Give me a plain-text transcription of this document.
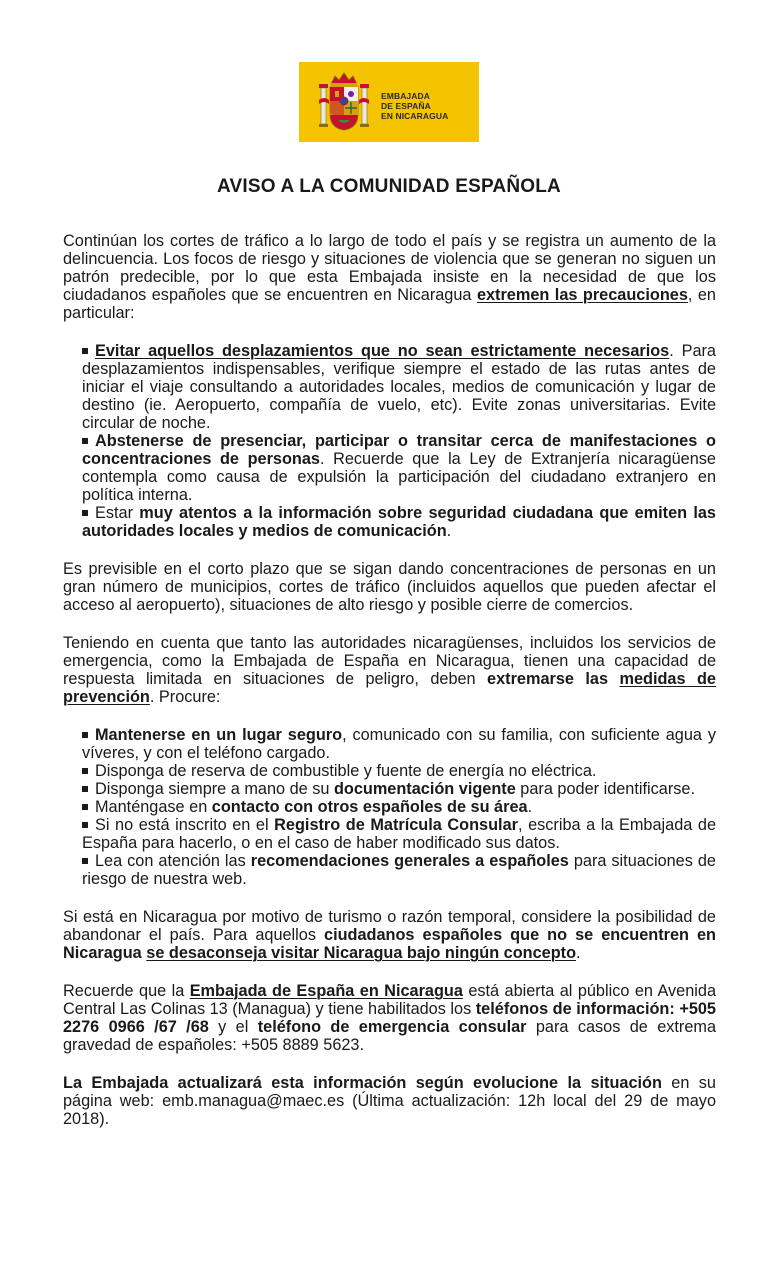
EMBAJADA
DE ESPAÑA
EN NICARAGUA
AVISO A LA COMUNIDAD ESPAÑOLA

Continúan los cortes de tráfico a lo largo de todo el país y se registra un aumento de la delincuencia. Los focos de riesgo y situaciones de violencia que se generan no siguen un patrón predecible, por lo que esta Embajada insiste en la necesidad de que los ciudadanos españoles que se encuentren en Nicaragua extremen las precauciones, en particular:

Evitar aquellos desplazamientos que no sean estrictamente necesarios. Para desplazamientos indispensables, verifique siempre el estado de las rutas antes de iniciar el viaje consultando a autoridades locales, medios de comunicación y lugar de destino (ie. Aeropuerto, compañía de vuelo, etc). Evite zonas universitarias. Evite circular de noche.
Abstenerse de presenciar, participar o transitar cerca de manifestaciones o concentraciones de personas. Recuerde que la Ley de Extranjería nicaragüense contempla como causa de expulsión la participación del ciudadano extranjero en política interna.
Estar muy atentos a la información sobre seguridad ciudadana que emiten las autoridades locales y medios de comunicación.

Es previsible en el corto plazo que se sigan dando concentraciones de personas en un gran número de municipios, cortes de tráfico (incluidos aquellos que pueden afectar el acceso al aeropuerto), situaciones de alto riesgo y posible cierre de comercios.

Teniendo en cuenta que tanto las autoridades nicaragüenses, incluidos los servicios de emergencia, como la Embajada de España en Nicaragua, tienen una capacidad de respuesta limitada en situaciones de peligro, deben extremarse las medidas de prevención. Procure:

Mantenerse en un lugar seguro, comunicado con su familia, con suficiente agua y víveres, y con el teléfono cargado.
Disponga de reserva de combustible y fuente de energía no eléctrica.
Disponga siempre a mano de su documentación vigente para poder identificarse.
Manténgase en contacto con otros españoles de su área.
Si no está inscrito en el Registro de Matrícula Consular, escriba a la Embajada de España para hacerlo, o en el caso de haber modificado sus datos.
Lea con atención las recomendaciones generales a españoles para situaciones de riesgo de nuestra web.

Si está en Nicaragua por motivo de turismo o razón temporal, considere la posibilidad de abandonar el país. Para aquellos ciudadanos españoles que no se encuentren en Nicaragua se desaconseja visitar Nicaragua bajo ningún concepto.

Recuerde que la Embajada de España en Nicaragua está abierta al público en Avenida Central Las Colinas 13 (Managua) y tiene habilitados los teléfonos de información: +505 2276 0966 /67 /68 y el teléfono de emergencia consular para casos de extrema gravedad de españoles: +505 8889 5623.

La Embajada actualizará esta información según evolucione la situación en su página web: emb.managua@maec.es (Última actualización: 12h local del 29 de mayo 2018).
